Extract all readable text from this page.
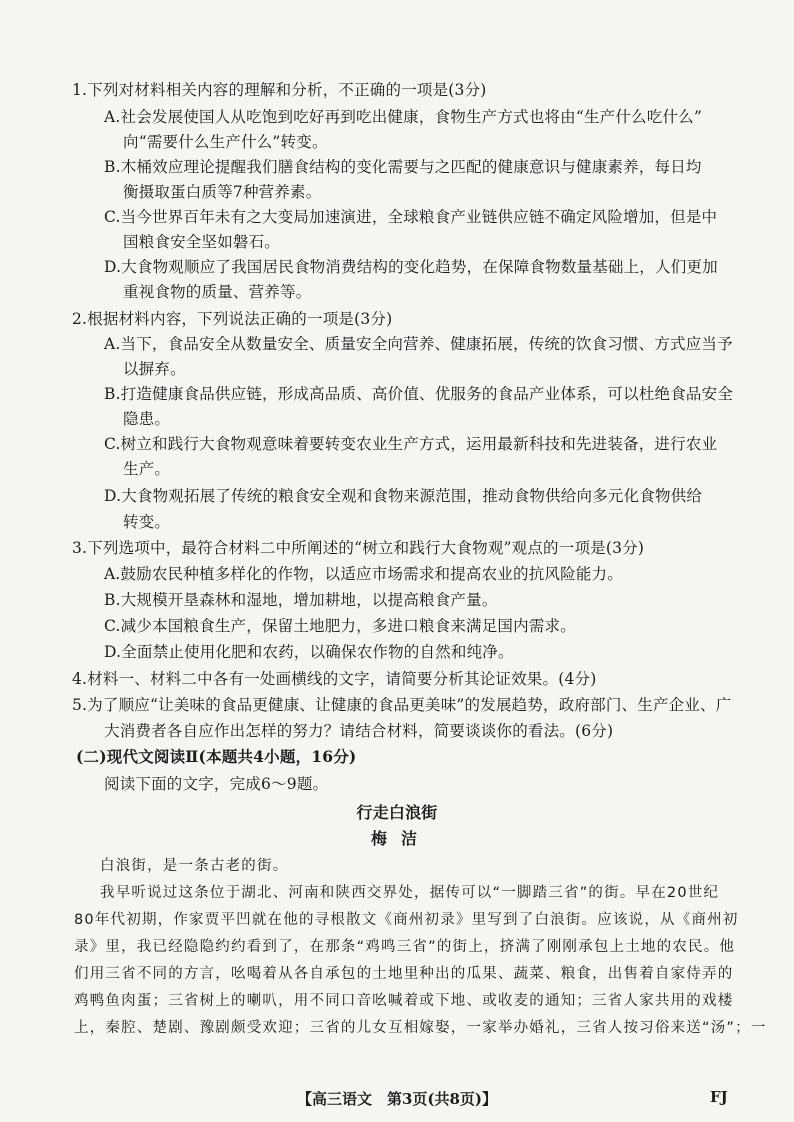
1.下列对材料相关内容的理解和分析，不正确的一项是(3分)
A.社会发展使国人从吃饱到吃好再到吃出健康，食物生产方式也将由“生产什么吃什么”
向“需要什么生产什么”转变。
B.木桶效应理论提醒我们膳食结构的变化需要与之匹配的健康意识与健康素养，每日均
衡摄取蛋白质等7种营养素。
C.当今世界百年未有之大变局加速演进，全球粮食产业链供应链不确定风险增加，但是中
国粮食安全坚如磐石。
D.大食物观顺应了我国居民食物消费结构的变化趋势，在保障食物数量基础上，人们更加
重视食物的质量、营养等。
2.根据材料内容，下列说法正确的一项是(3分)
A.当下，食品安全从数量安全、质量安全向营养、健康拓展，传统的饮食习惯、方式应当予
以摒弃。
B.打造健康食品供应链，形成高品质、高价值、优服务的食品产业体系，可以杜绝食品安全
隐患。
C.树立和践行大食物观意味着要转变农业生产方式，运用最新科技和先进装备，进行农业
生产。
D.大食物观拓展了传统的粮食安全观和食物来源范围，推动食物供给向多元化食物供给
转变。
3.下列选项中，最符合材料二中所阐述的“树立和践行大食物观”观点的一项是(3分)
A.鼓励农民种植多样化的作物，以适应市场需求和提高农业的抗风险能力。
B.大规模开垦森林和湿地，增加耕地，以提高粮食产量。
C.减少本国粮食生产，保留土地肥力，多进口粮食来满足国内需求。
D.全面禁止使用化肥和农药，以确保农作物的自然和纯净。
4.材料一、材料二中各有一处画横线的文字，请简要分析其论证效果。(4分)
5.为了顺应“让美味的食品更健康、让健康的食品更美味”的发展趋势，政府部门、生产企业、广
大消费者各自应作出怎样的努力？请结合材料，简要谈谈你的看法。(6分)
(二)现代文阅读Ⅱ(本题共4小题，16分)
阅读下面的文字，完成6～9题。
行走白浪街
梅洁
白浪街，是一条古老的街。
我早听说过这条位于湖北、河南和陕西交界处，据传可以“一脚踏三省”的街。早在20世纪
80年代初期，作家贾平凹就在他的寻根散文《商州初录》里写到了白浪街。应该说，从《商州初
录》里，我已经隐隐约约看到了，在那条“鸡鸣三省”的街上，挤满了刚刚承包上土地的农民。他
们用三省不同的方言，吆喝着从各自承包的土地里种出的瓜果、蔬菜、粮食，出售着自家侍弄的
鸡鸭鱼肉蛋；三省树上的喇叭，用不同口音吆喊着或下地、或收麦的通知；三省人家共用的戏楼
上，秦腔、楚剧、豫剧颇受欢迎；三省的儿女互相嫁娶，一家举办婚礼，三省人按习俗来送“汤”；一
【高三语文　第3页(共8页)】	FJ
